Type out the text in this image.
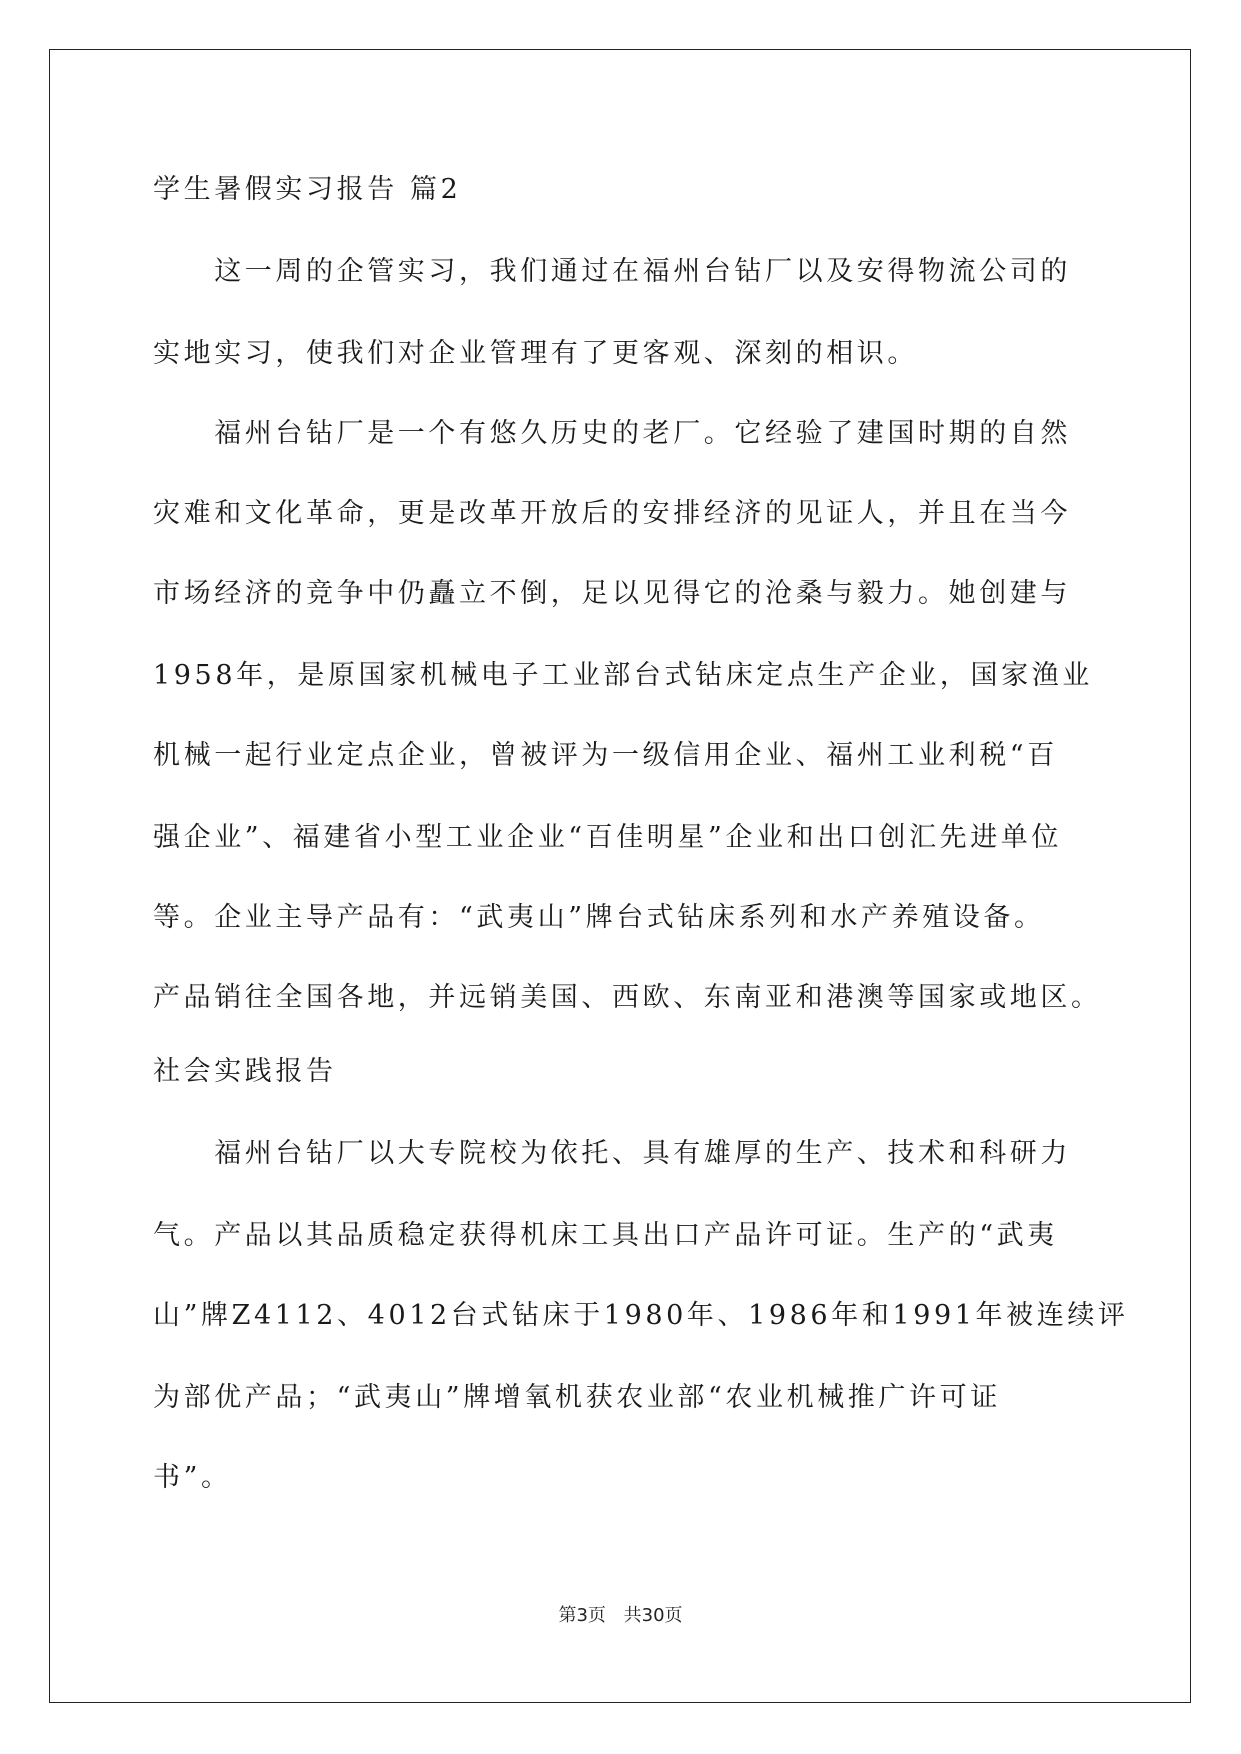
学生暑假实习报告 篇2
　　这一周的企管实习，我们通过在福州台钻厂以及安得物流公司的
实地实习，使我们对企业管理有了更客观、深刻的相识。
　　福州台钻厂是一个有悠久历史的老厂。它经验了建国时期的自然
灾难和文化革命，更是改革开放后的安排经济的见证人，并且在当今
市场经济的竞争中仍矗立不倒，足以见得它的沧桑与毅力。她创建与
1958年，是原国家机械电子工业部台式钻床定点生产企业，国家渔业
机械一起行业定点企业，曾被评为一级信用企业、福州工业利税“百
强企业”、福建省小型工业企业“百佳明星”企业和出口创汇先进单位
等。企业主导产品有：“武夷山”牌台式钻床系列和水产养殖设备。
产品销往全国各地，并远销美国、西欧、东南亚和港澳等国家或地区。
社会实践报告
　　福州台钻厂以大专院校为依托、具有雄厚的生产、技术和科研力
气。产品以其品质稳定获得机床工具出口产品许可证。生产的“武夷
山”牌Z4112、4012台式钻床于1980年、1986年和1991年被连续评
为部优产品；“武夷山”牌增氧机获农业部“农业机械推广许可证
书”。
第3页 共30页
